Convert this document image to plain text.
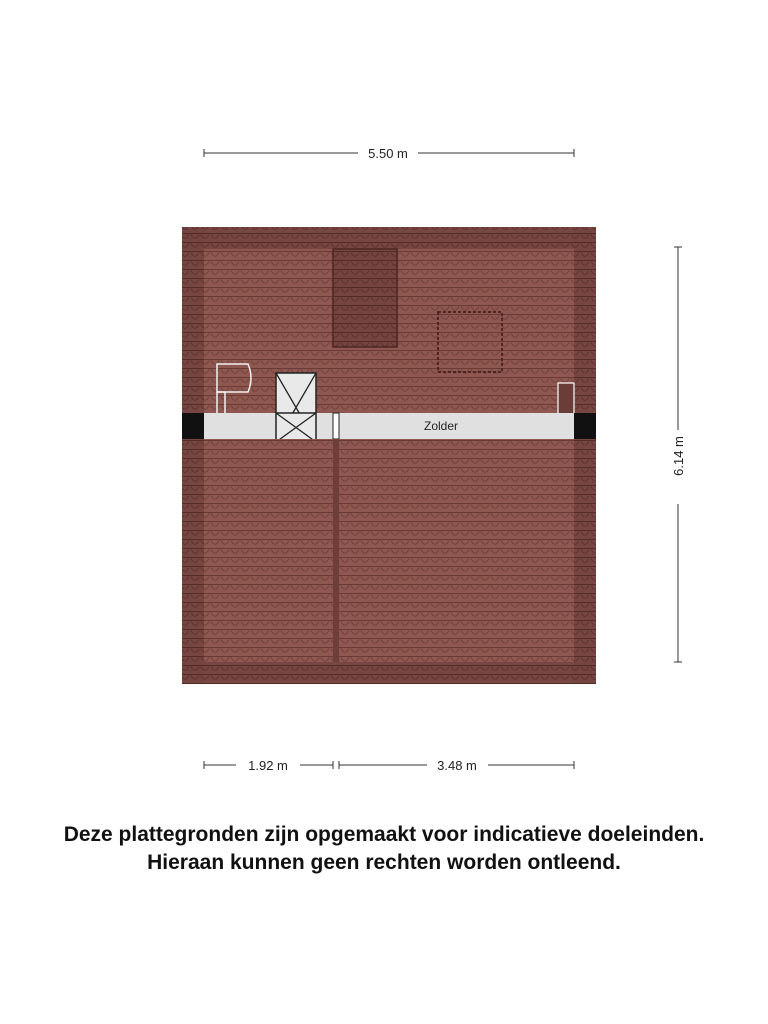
Zolder
5.50 m
6.14 m
1.92 m	3.48 m
Deze plattegronden zijn opgemaakt voor indicatieve doeleinden.
Hieraan kunnen geen rechten worden ontleend.
